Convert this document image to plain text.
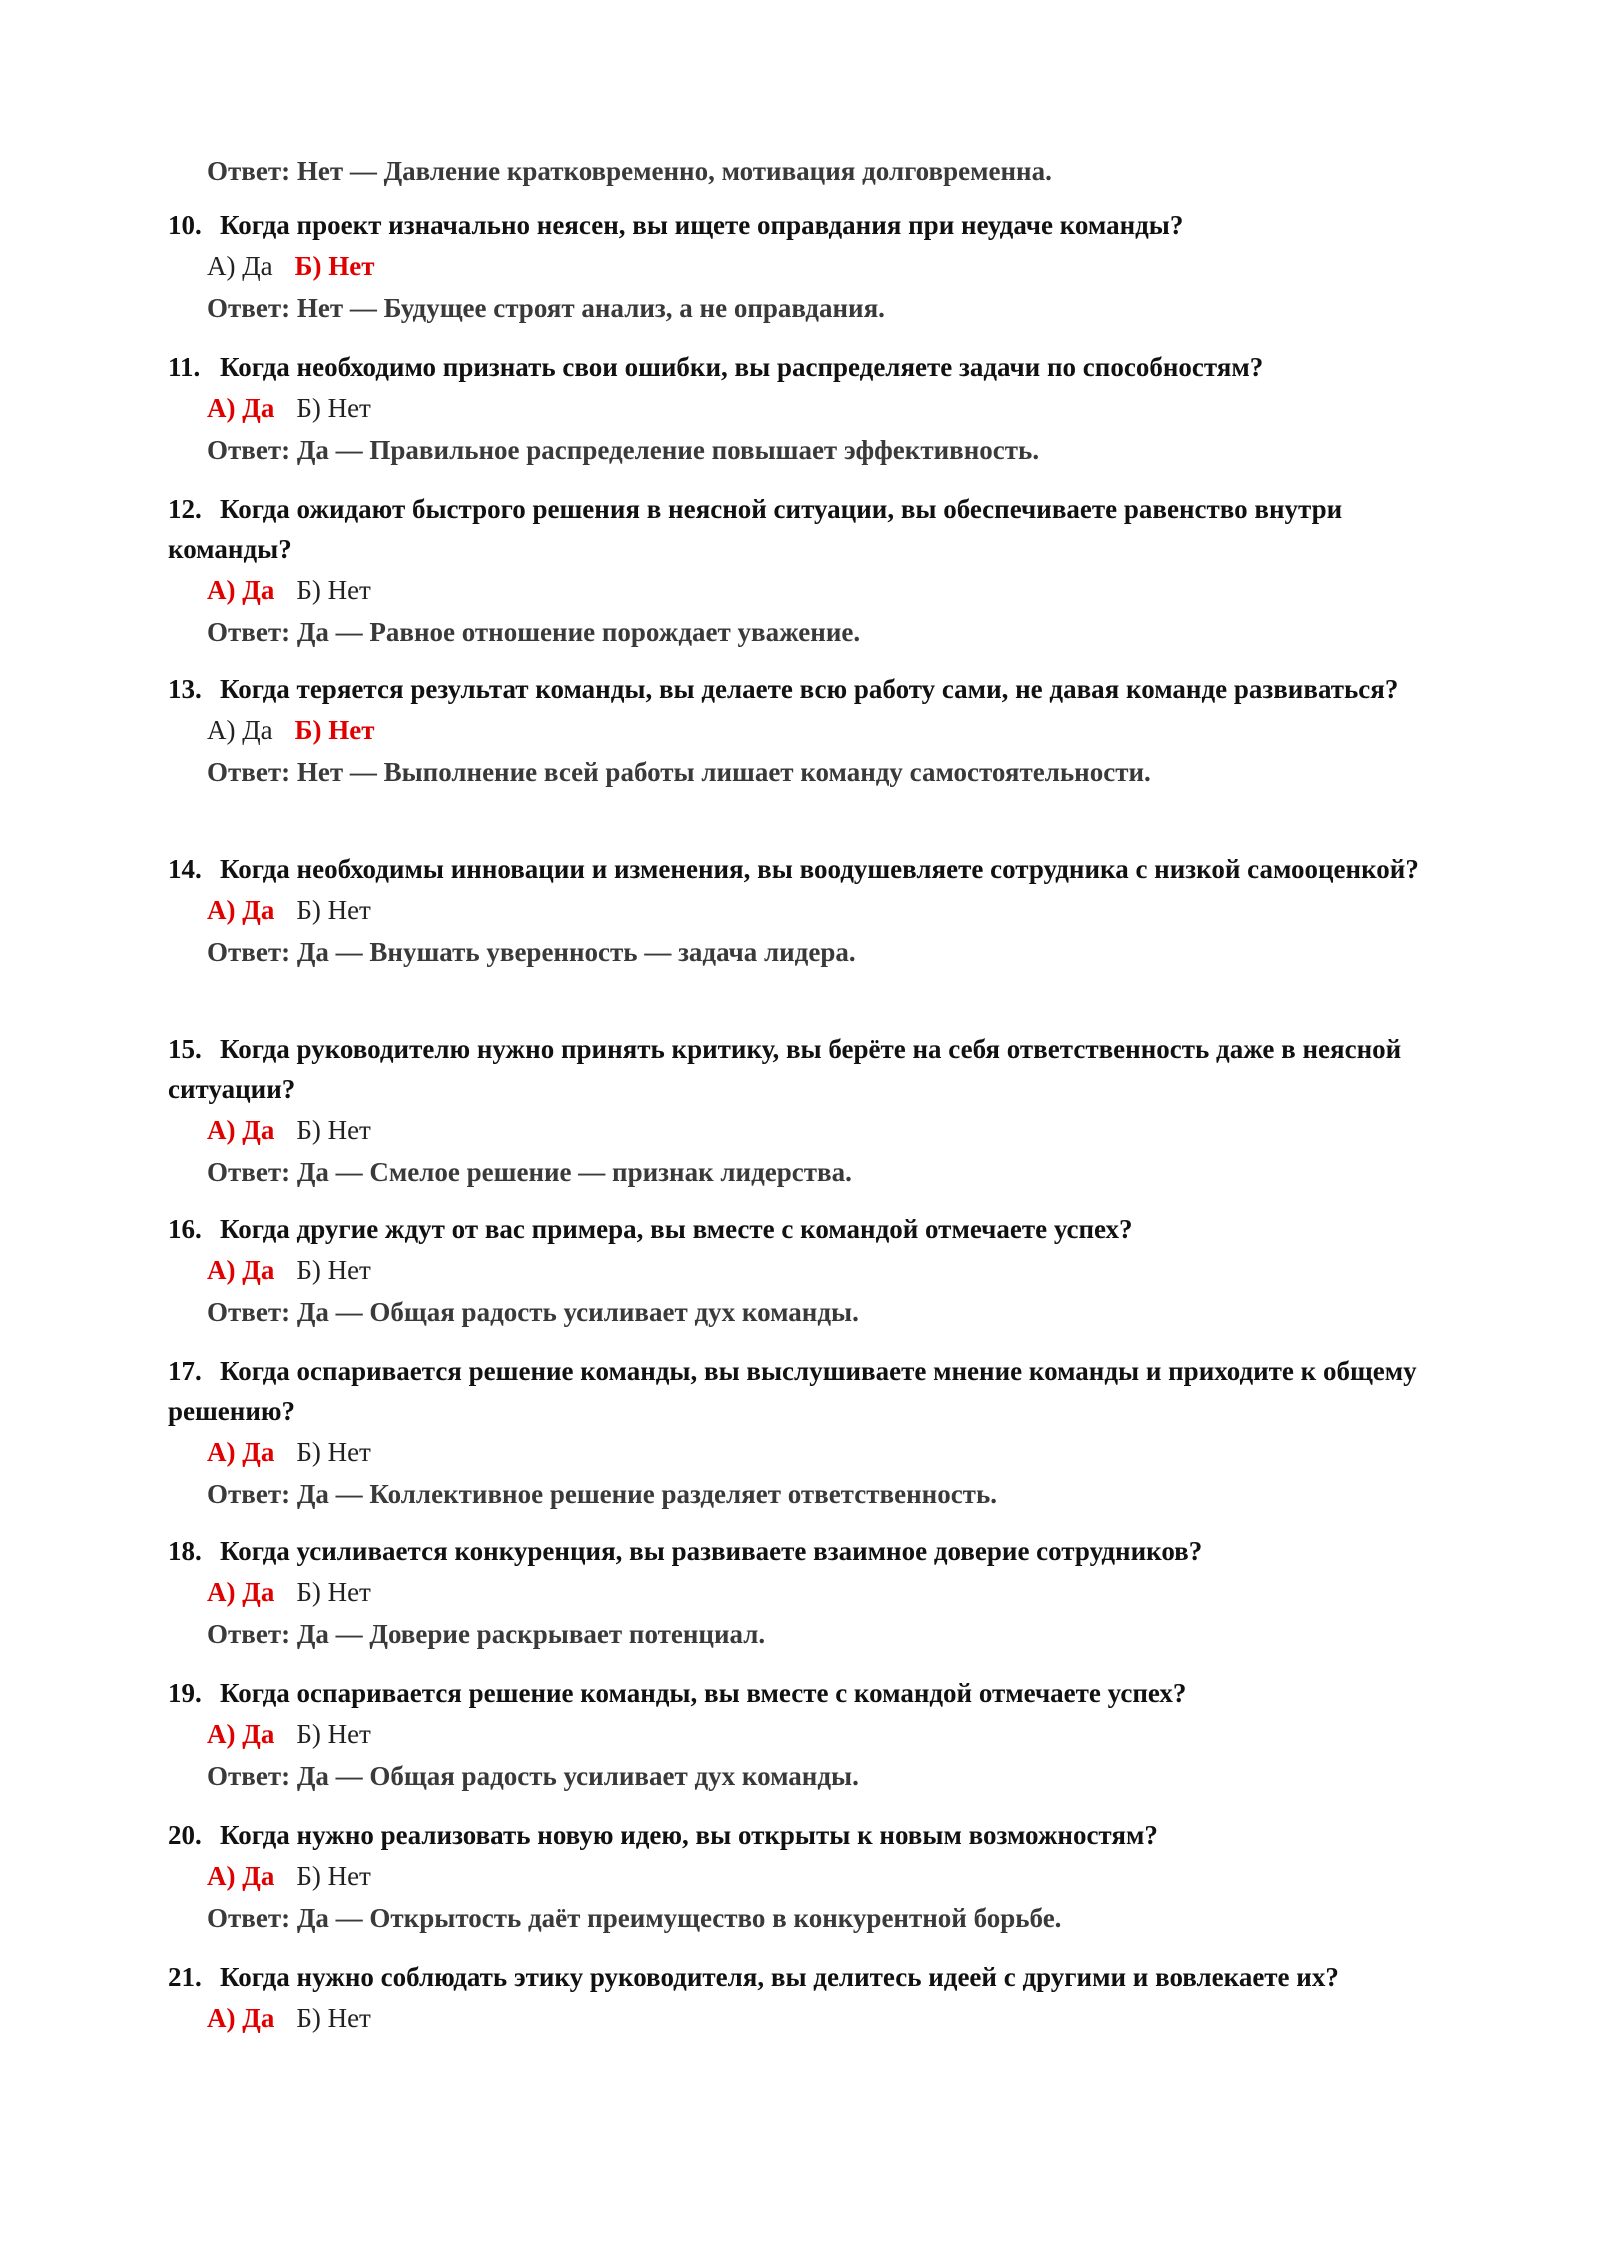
Ответ: Нет — Давление кратковременно, мотивация долговременна.

10. Когда проект изначально неясен, вы ищете оправдания при неудаче команды?

А) Да Б) Нет
Ответ: Нет — Будущее строят анализ, а не оправдания.

11. Когда необходимо признать свои ошибки, вы распределяете задачи по способностям?

А) Да Б) Нет
Ответ: Да — Правильное распределение повышает эффективность.

12. Когда ожидают быстрого решения в неясной ситуации, вы обеспечиваете равенство внутри команды?

А) Да Б) Нет
Ответ: Да — Равное отношение порождает уважение.

13. Когда теряется результат команды, вы делаете всю работу сами, не давая команде развиваться?

А) Да Б) Нет
Ответ: Нет — Выполнение всей работы лишает команду самостоятельности.

14. Когда необходимы инновации и изменения, вы воодушевляете сотрудника с низкой самооценкой?

А) Да Б) Нет
Ответ: Да — Внушать уверенность — задача лидера.

15. Когда руководителю нужно принять критику, вы берёте на себя ответственность даже в неясной ситуации?

А) Да Б) Нет
Ответ: Да — Смелое решение — признак лидерства.

16. Когда другие ждут от вас примера, вы вместе с командой отмечаете успех?

А) Да Б) Нет
Ответ: Да — Общая радость усиливает дух команды.

17. Когда оспаривается решение команды, вы выслушиваете мнение команды и приходите к общему решению?

А) Да Б) Нет
Ответ: Да — Коллективное решение разделяет ответственность.

18. Когда усиливается конкуренция, вы развиваете взаимное доверие сотрудников?

А) Да Б) Нет
Ответ: Да — Доверие раскрывает потенциал.

19. Когда оспаривается решение команды, вы вместе с командой отмечаете успех?

А) Да Б) Нет
Ответ: Да — Общая радость усиливает дух команды.

20. Когда нужно реализовать новую идею, вы открыты к новым возможностям?

А) Да Б) Нет
Ответ: Да — Открытость даёт преимущество в конкурентной борьбе.

21. Когда нужно соблюдать этику руководителя, вы делитесь идеей с другими и вовлекаете их?

А) Да Б) Нет
